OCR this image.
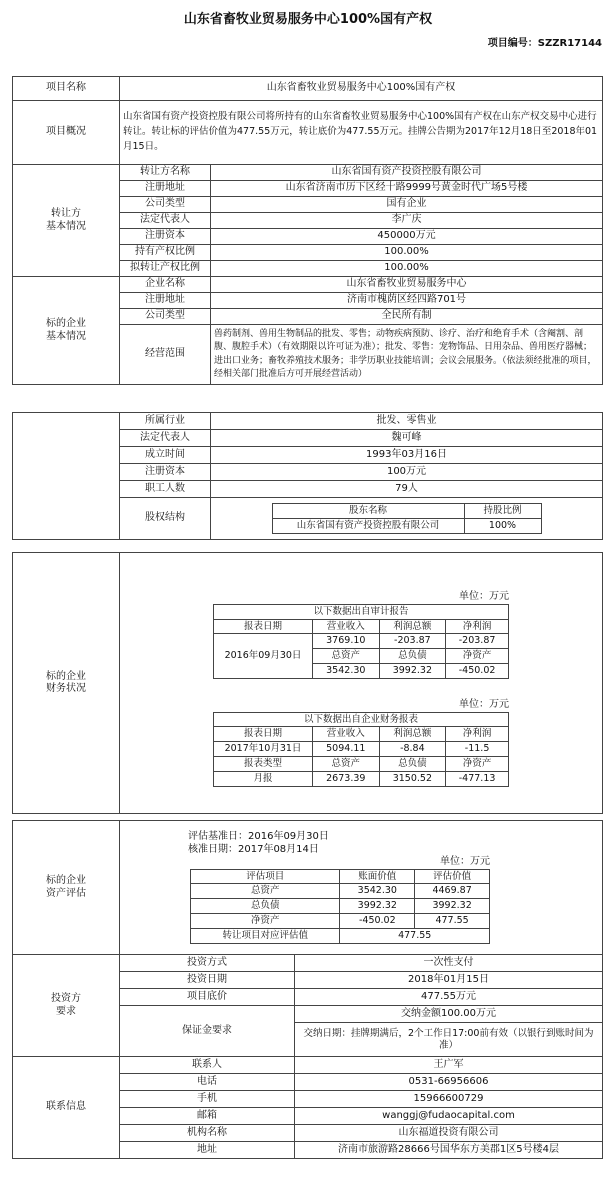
山东省畜牧业贸易服务中心100%国有产权
项目编号：SZZR17144
项目名称	山东省畜牧业贸易服务中心100%国有产权	
项目概况	山东省国有资产投资控股有限公司将所持有的山东省畜牧业贸易服务中心100%国有产权在山东产权交易中心进行转让。转让标的评估价值为477.55万元，转让底价为477.55万元。挂牌公告期为2017年12月18日至2018年01月15日。	

转让方
基本情况	转让方名称	山东省国有资产投资控股有限公司
	注册地址	山东省济南市历下区经十路9999号黄金时代广场5号楼
	公司类型	国有企业
	法定代表人	李广庆
	注册资本	450000万元
	持有产权比例	100.00%
	拟转让产权比例	100.00%

标的企业
基本情况	企业名称	山东省畜牧业贸易服务中心
	注册地址	济南市槐荫区经四路701号
	公司类型	全民所有制
	经营范围	兽药制剂、兽用生物制品的批发、零售；动物疾病预防、诊疗、治疗和绝育手术（含阉割、剖腹、腹腔手术）（有效期限以许可证为准）；批发、零售：宠物饰品、日用杂品、兽用医疗器械；进出口业务；畜牧养殖技术服务；非学历职业技能培训；会议会展服务。（依法须经批准的项目，经相关部门批准后方可开展经营活动）
	所属行业	批发、零售业
法定代表人	魏可峰
成立时间	1993年03月16日
注册资本	100万元
职工人数	79人
股权结构	
股东名称	持股比例
山东省国有资产投资控股有限公司	100%
标的企业
财务状况

单位：万元
以下数据出自审计报告
报表日期	营业收入	利润总额	净利润
2016年09月30日	3769.10	-203.87	-203.87
总资产	总负债	净资产
3542.30	3992.32	-450.02
单位：万元
以下数据出自企业财务报表
报表日期	营业收入	利润总额	净利润
2017年10月31日	5094.11	-8.84	-11.5
报表类型	总资产	总负债	净资产
月报	2673.39	3150.52	-477.13
标的企业
资产评估

评估基准日：2016年09月30日
核准日期：2017年08月14日
单位：万元
评估项目	账面价值	评估价值
总资产	3542.30	4469.87
总负债	3992.32	3992.32
净资产	-450.02	477.55
转让项目对应评估值	477.55

投资方
要求
	投资方式	一次性支付
投资日期	2018年01月15日
项目底价	477.55万元
保证金要求	交纳金额100.00万元
交纳日期：挂牌期满后，2个工作日17:00前有效（以银行到账时间为准）
联系信息	联系人	王广军
电话	0531-66956606
手机	15966600729
邮箱	wanggj@fudaocapital.com
机构名称	山东福道投资有限公司
地址	济南市旅游路28666号国华东方美郡1区5号楼4层
